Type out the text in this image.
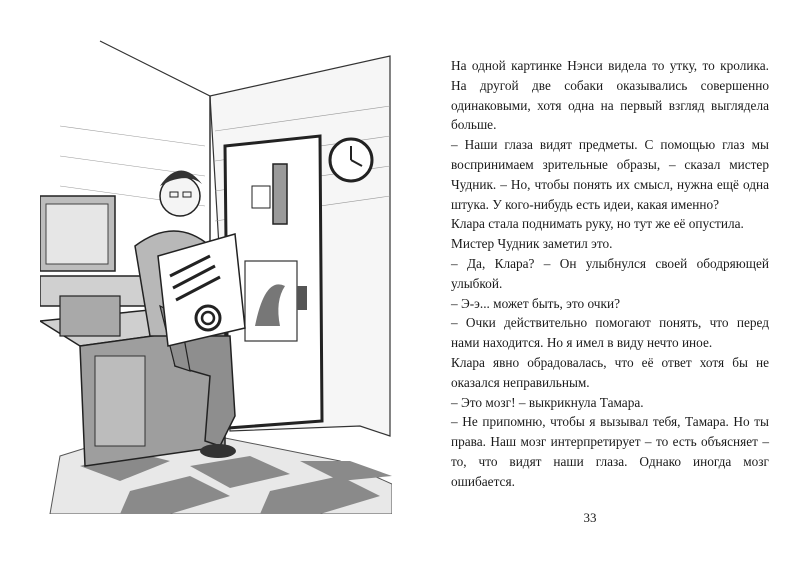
На одной картинке Нэнси видела то утку, то кролика. На другой две собаки оказывались совершенно одинаковыми, хотя одна на первый взгляд выглядела больше.

– Наши глаза видят предметы. С помощью глаз мы воспринимаем зрительные образы, – сказал мистер Чудник. – Но, чтобы понять их смысл, нужна ещё одна штука. У кого-нибудь есть идеи, какая именно?

Клара стала поднимать руку, но тут же её опустила.

Мистер Чудник заметил это.

– Да, Клара? – Он улыбнулся своей ободряющей улыбкой.

– Э-э... может быть, это очки?

– Очки действительно помогают понять, что перед нами находится. Но я имел в виду нечто иное.

Клара явно обрадовалась, что её ответ хотя бы не оказался неправильным.

– Это мозг! – выкрикнула Тамара.

– Не припомню, чтобы я вызывал тебя, Тамара. Но ты права. Наш мозг интерпретирует – то есть объясняет – то, что видят наши глаза. Однако иногда мозг ошибается.

33
